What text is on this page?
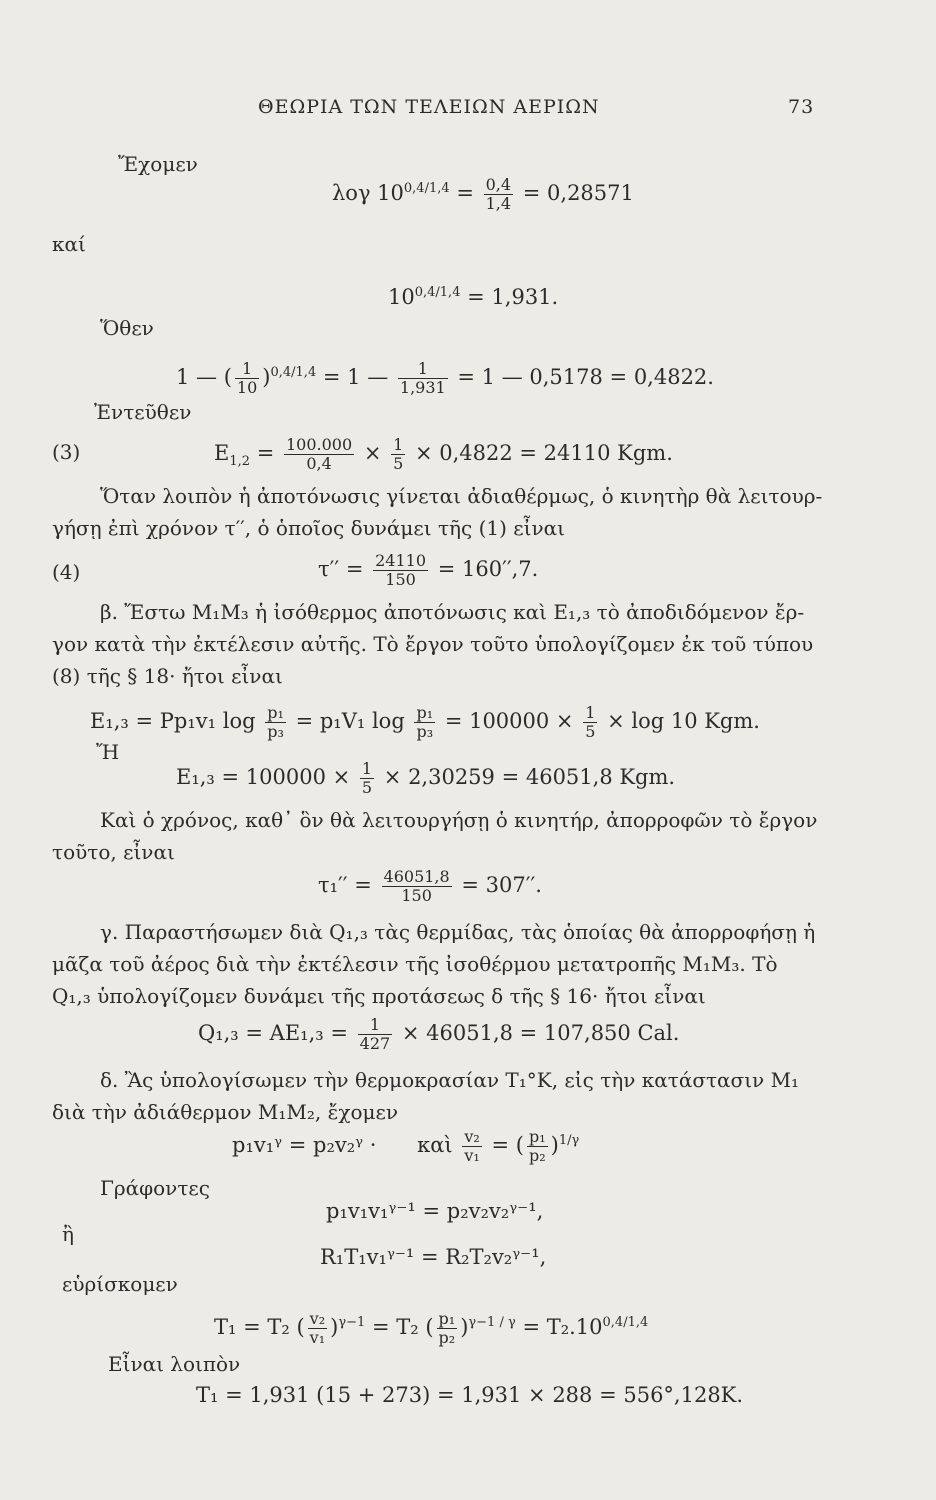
ΘΕΩΡΙΑ ΤΩΝ ΤΕΛΕΙΩΝ ΑΕΡΙΩΝ	73
Ἔχομεν
λογ $10^{0,4/1,4} = \frac{0,4}{1,4} = 0,28571$
καί
$10^{0,4/1,4} = 1,931$.
Ὅθεν
1 — ( $\frac{1}{10} )^{0,4/1,4} = 1$ — $\frac{1}{1,931} = 1$ — 0,5178 = 0,4822.
Ἐντεῦθεν
(3)	$E_{1,2} = \frac{100.000}{0,4} \times \frac{1}{5} \times 0,4822 = 24110$ Kgm.
Ὅταν λοιπὸν ἡ ἀποτόνωσις γίνεται ἀδιαθέρμως, ὁ κινητὴρ θὰ λειτουρ-
γήσῃ ἐπὶ χρόνον τ′′, ὁ ὁποῖος δυνάμει τῆς (1) εἶναι
(4)	$\tau'' = \frac{24110}{150} = 160'',7$.
β. Ἔστω M₁M₃ ἡ ἰσόθερμος ἀποτόνωσις καὶ E₁,₃ τὸ ἀποδιδόμενον ἔρ-
γον κατὰ τὴν ἐκτέλεσιν αὐτῆς. Τὸ ἔργον τοῦτο ὑπολογίζομεν ἐκ τοῦ τύπου
(8) τῆς § 18· ἤτοι εἶναι
E₁,₃ = Pp₁v₁ $\log \frac{\text{p₁}}{\text{p₃}} = p_1V_1$ $\log \frac{\text{p₁}}{\text{p₃}} = 100000 \times \frac{1}{5} \times \log 10$ Kgm.
Ἤ
$E_1,_3 = 100000 \times \frac{1}{5} \times 2,30259 = 46051,8$ Kgm.
Καὶ ὁ χρόνος, καθ᾽ ὃν θὰ λειτουργήσῃ ὁ κινητήρ, ἀπορροφῶν τὸ ἔργον
τοῦτο, εἶναι
$\tau_1'' = \frac{46051,8}{150} = 307''$.
γ. Παραστήσωμεν διὰ Q₁,₃ τὰς θερμίδας, τὰς ὁποίας θὰ ἀπορροφήσῃ ἡ
μᾶζα τοῦ ἀέρος διὰ τὴν ἐκτέλεσιν τῆς ἰσοθέρμου μετατροπῆς M₁M₃. Τὸ
Q₁,₃ ὑπολογίζομεν δυνάμει τῆς προτάσεως δ τῆς § 16· ἤτοι εἶναι
$Q_1,_3 = AE_1,_3 = \frac{1}{427} \times 46051,8 = 107,850$ Cal.
δ. Ἂς ὑπολογίσωμεν τὴν θερμοκρασίαν T₁°K, εἰς τὴν κατάστασιν M₁
διὰ τὴν ἀδιάθερμον M₁M₂, ἔχομεν
p₁v₁ᵞ = p₂v₂ᵞ · καὶ $\frac{\text{v₂}}{\text{v₁}}$ = ( $\frac{\text{p₁}}{\text{p₂}} )^{1/\gamma}$
Γράφοντες
p₁v₁v₁ᵞ⁻¹ = p₂v₂v₂ᵞ⁻¹,
ἢ
R₁T₁v₁ᵞ⁻¹ = R₂T₂v₂ᵞ⁻¹,
εὑρίσκομεν
T₁ = T₂ ( $\frac{\text{v₂}}{\text{v₁}} )^{\gamma-1} = T_2$ ( $\frac{\text{p₁}}{\text{p₂}} )^{\gamma-1 / \gamma} = T_2.10^{0,4/1,4}$
Εἶναι λοιπὸν
T₁ = 1,931 (15 + 273) = 1,931 × 288 = 556°,128K.
